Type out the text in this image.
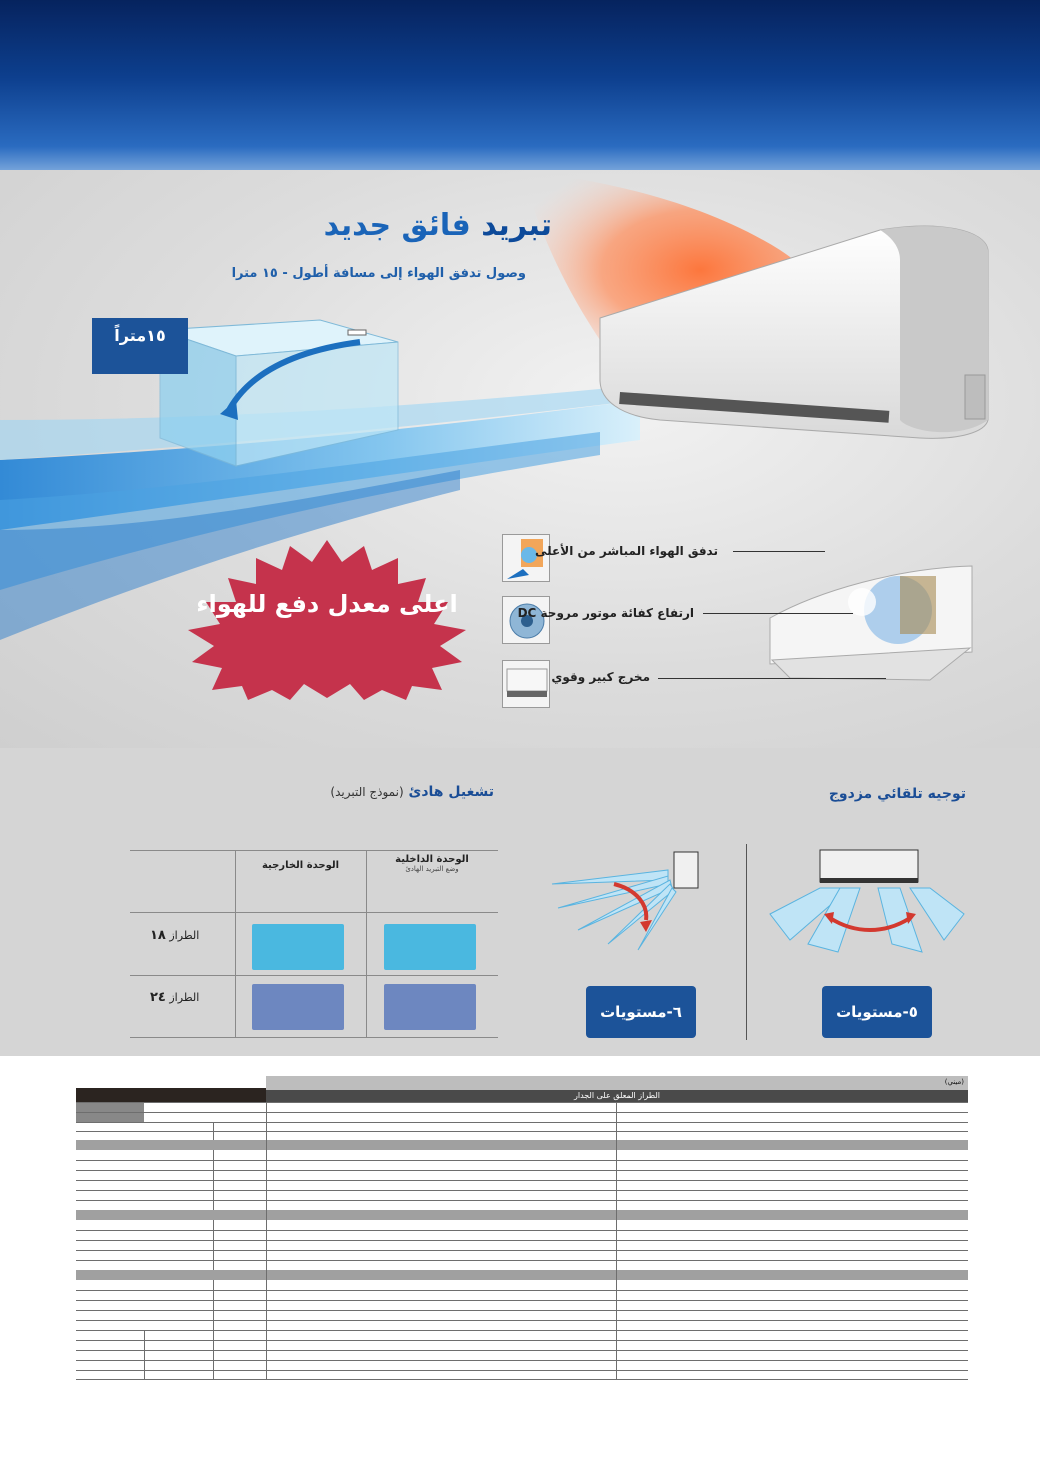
تبريد فائق جديد
وصول تدفق الهواء إلى مسافة أطول - ١٥ مترا
١٥متراً
اعلى معدل دفع للهواء
تدفق الهواء المباشر من الأعلى
ارتفاع كفائة موتور مروحة DC
مخرج كبير وقوي
توجيه تلقائي مزدوج
تشغيل هادئ (نموذج التبريد)
٥-مستويات
٦-مستويات
الوحدة الخارجية
الوحدة الداخلية
وضع التبريد الهادئ
الطراز ١٨
الطراز ٢٤
(ميني)
الطراز المعلق على الجدار
